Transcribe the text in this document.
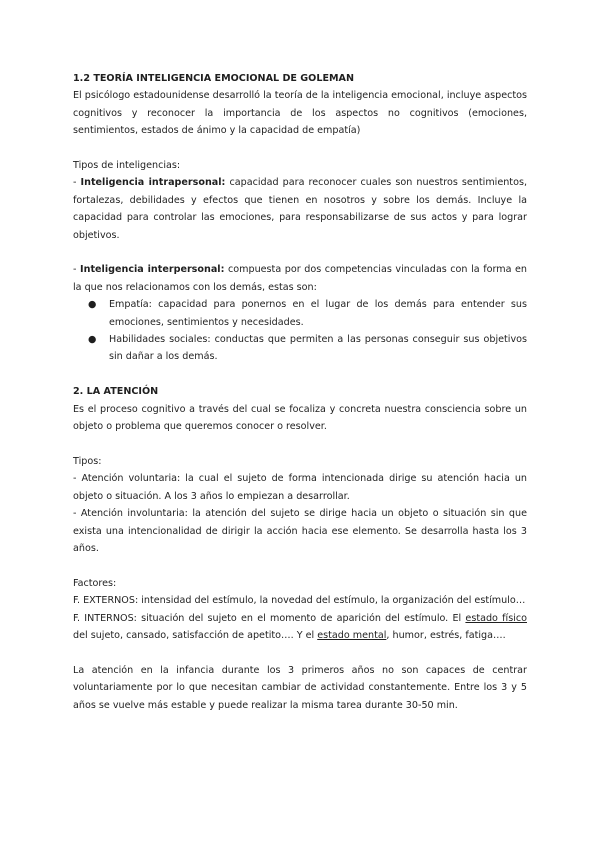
1.2 TEORÍA INTELIGENCIA EMOCIONAL DE GOLEMAN

El psicólogo estadounidense desarrolló la teoría de la inteligencia emocional, incluye aspectos cognitivos y reconocer la importancia de los aspectos no cognitivos (emociones, sentimientos, estados de ánimo y la capacidad de empatía)

Tipos de inteligencias:

- Inteligencia intrapersonal: capacidad para reconocer cuales son nuestros sentimientos, fortalezas, debilidades y efectos que tienen en nosotros y sobre los demás. Incluye la capacidad para controlar las emociones, para responsabilizarse de sus actos y para lograr objetivos.

- Inteligencia interpersonal: compuesta por dos competencias vinculadas con la forma en la que nos relacionamos con los demás, estas son:

● Empatía: capacidad para ponernos en el lugar de los demás para entender sus emociones, sentimientos y necesidades.
● Habilidades sociales: conductas que permiten a las personas conseguir sus objetivos sin dañar a los demás.

2. LA ATENCIÓN

Es el proceso cognitivo a través del cual se focaliza y concreta nuestra consciencia sobre un objeto o problema que queremos conocer o resolver.

Tipos:

- Atención voluntaria: la cual el sujeto de forma intencionada dirige su atención hacia un objeto o situación. A los 3 años lo empiezan a desarrollar.

- Atención involuntaria: la atención del sujeto se dirige hacia un objeto o situación sin que exista una intencionalidad de dirigir la acción hacia ese elemento. Se desarrolla hasta los 3 años.

Factores:

F. EXTERNOS: intensidad del estímulo, la novedad del estímulo, la organización del estímulo…

F. INTERNOS: situación del sujeto en el momento de aparición del estímulo. El estado físico del sujeto, cansado, satisfacción de apetito…. Y el estado mental, humor, estrés, fatiga….

La atención en la infancia durante los 3 primeros años no son capaces de centrar voluntariamente por lo que necesitan cambiar de actividad constantemente. Entre los 3 y 5 años se vuelve más estable y puede realizar la misma tarea durante 30-50 min.
